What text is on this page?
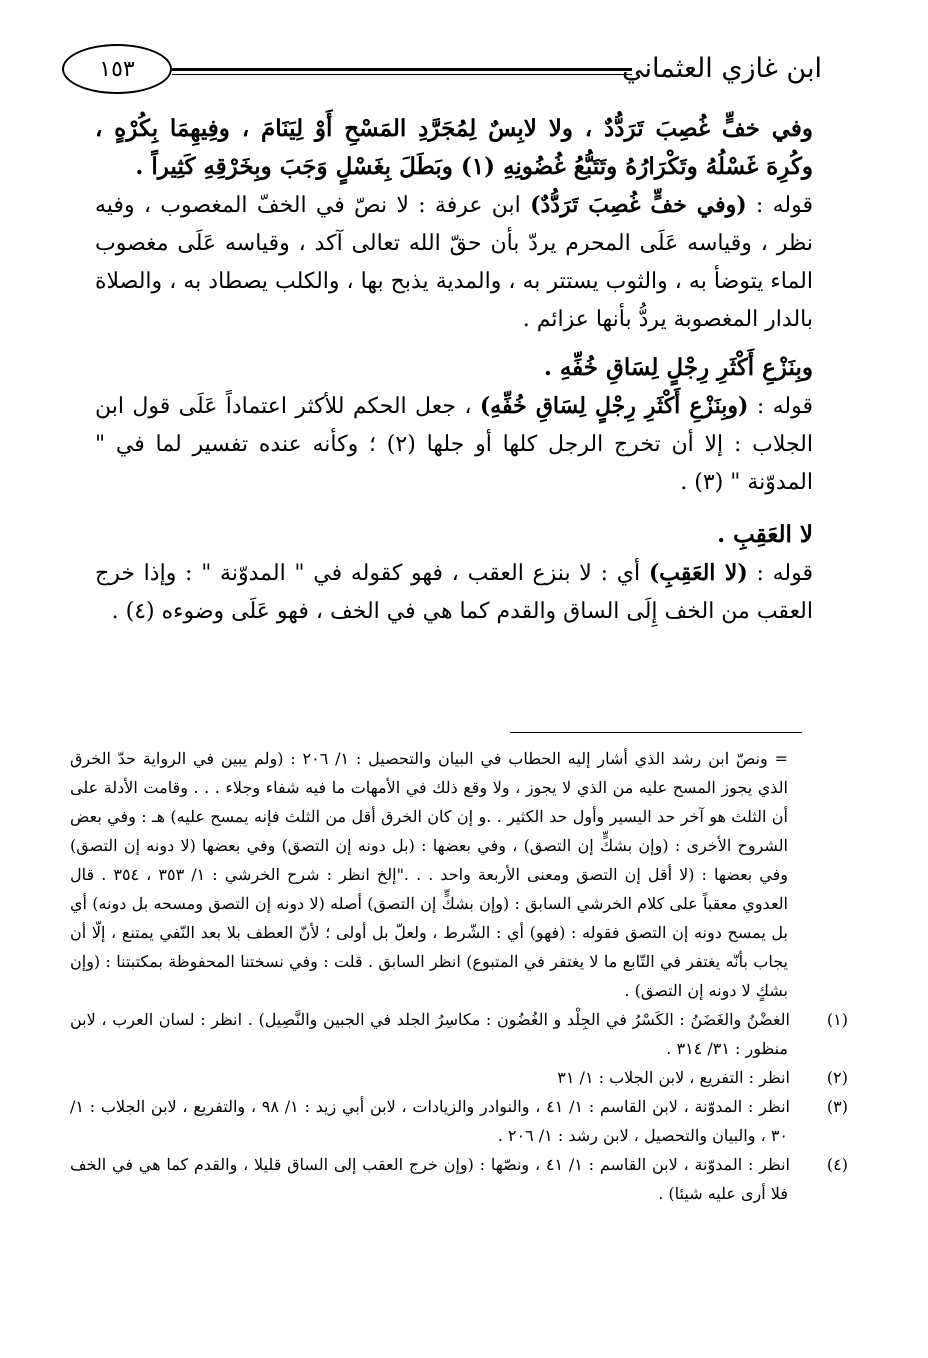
ابن غازي العثماني
١٥٣

وفي خفٍّ غُصِبَ تَرَدُّدٌ ، ولا لابِسٌ لِمُجَرَّدِ المَسْحِ أَوْ لِيَنَامَ ، وفِيهِمَا بِكُرْهٍ ، وكُرِهَ غَسْلُهُ وتَكْرَارُهُ وتَتَبُّعُ غُضُونِهِ (١) وبَطَلَ بِغَسْلٍ وَجَبَ وبِخَرْقِهِ كَثِيراً .

قوله : (وفي خفٍّ غُصِبَ تَرَدُّدٌ) ابن عرفة : لا نصّ في الخفّ المغصوب ، وفيه نظر ، وقياسه عَلَى المحرم يردّ بأن حقّ الله تعالى آكد ، وقياسه عَلَى مغصوب الماء يتوضأ به ، والثوب يستتر به ، والمدية يذبح بها ، والكلب يصطاد به ، والصلاة بالدار المغصوبة يردُّ بأنها عزائم .

وبِنَزْعِ أَكْثَرِ رِجْلٍ لِسَاقِ خُفِّهِ .

قوله : (وبِنَزْعِ أَكْثَرِ رِجْلٍ لِسَاقِ خُفِّهِ) ، جعل الحكم للأكثر اعتماداً عَلَى قول ابن الجلاب : إلا أن تخرج الرجل كلها أو جلها (٢) ؛ وكأنه عنده تفسير لما في " المدوّنة " (٣) .

لا العَقِبِ .

قوله : (لا العَقِبِ) أي : لا بنزع العقب ، فهو كقوله في " المدوّنة " : وإذا خرج العقب من الخف إِلَى الساق والقدم كما هي في الخف ، فهو عَلَى وضوءه (٤) .

= ونصّ ابن رشد الذي أشار إليه الحطاب في البيان والتحصيل : ١/ ٢٠٦ : (ولم يبين في الرواية حدّ الخرق الذي يجوز المسح عليه من الذي لا يجوز ، ولا وقع ذلك في الأمهات ما فيه شفاء وجلاء . . . وقامت الأدلة على أن الثلث هو آخر حد اليسير وأول حد الكثير . .و إن كان الخرق أقل من الثلث فإنه يمسح عليه) هـ : وفي بعض الشروح الأخرى : (وإن بشكٍّ إن التصق) ، وفي بعضها : (بل دونه إن التصق) وفي بعضها (لا دونه إن التصق) وفي بعضها : (لا أقل إن التصق ومعنى الأربعة واحد . . ."إلخ انظر : شرح الخرشي : ١/ ٣٥٣ ، ٣٥٤ . قال العدوي معقباً على كلام الخرشي السابق : (وإن بشكٍّ إن التصق) أصله (لا دونه إن التصق ومسحه بل دونه) أي بل يمسح دونه إن التصق فقوله : (فهو) أي : الشّرط ، ولعلّ بل أولى ؛ لأنّ العطف بلا بعد النّفي يمتنع ، إلّا أن يجاب بأنّه يغتفر في التّابع ما لا يغتفر في المتبوع) انظر السابق . قلت : وفي نسختنا المحفوظة بمكتبتنا : (وإن بشكٍ لا دونه إن التصق) .

(١)الغضْنُ والغَضَنُ : الكَسْرُ في الجِلْد و الغُضُون : مكاسِرُ الجلد في الجبين والنَّصِيل) . انظر : لسان العرب ، لابن منظور : ٣١/ ٣١٤ .

(٢)انظر : التفريع ، لابن الجلاب : ١/ ٣١

(٣)انظر : المدوّنة ، لابن القاسم : ١/ ٤١ ، والنوادر والزيادات ، لابن أبي زيد : ١/ ٩٨ ، والتفريع ، لابن الجلاب : ١/ ٣٠ ، والبيان والتحصيل ، لابن رشد : ١/ ٢٠٦ .

(٤)انظر : المدوّنة ، لابن القاسم : ١/ ٤١ ، ونصّها : (وإن خرج العقب إلى الساق قليلا ، والقدم كما هي في الخف فلا أرى عليه شيئا) .
